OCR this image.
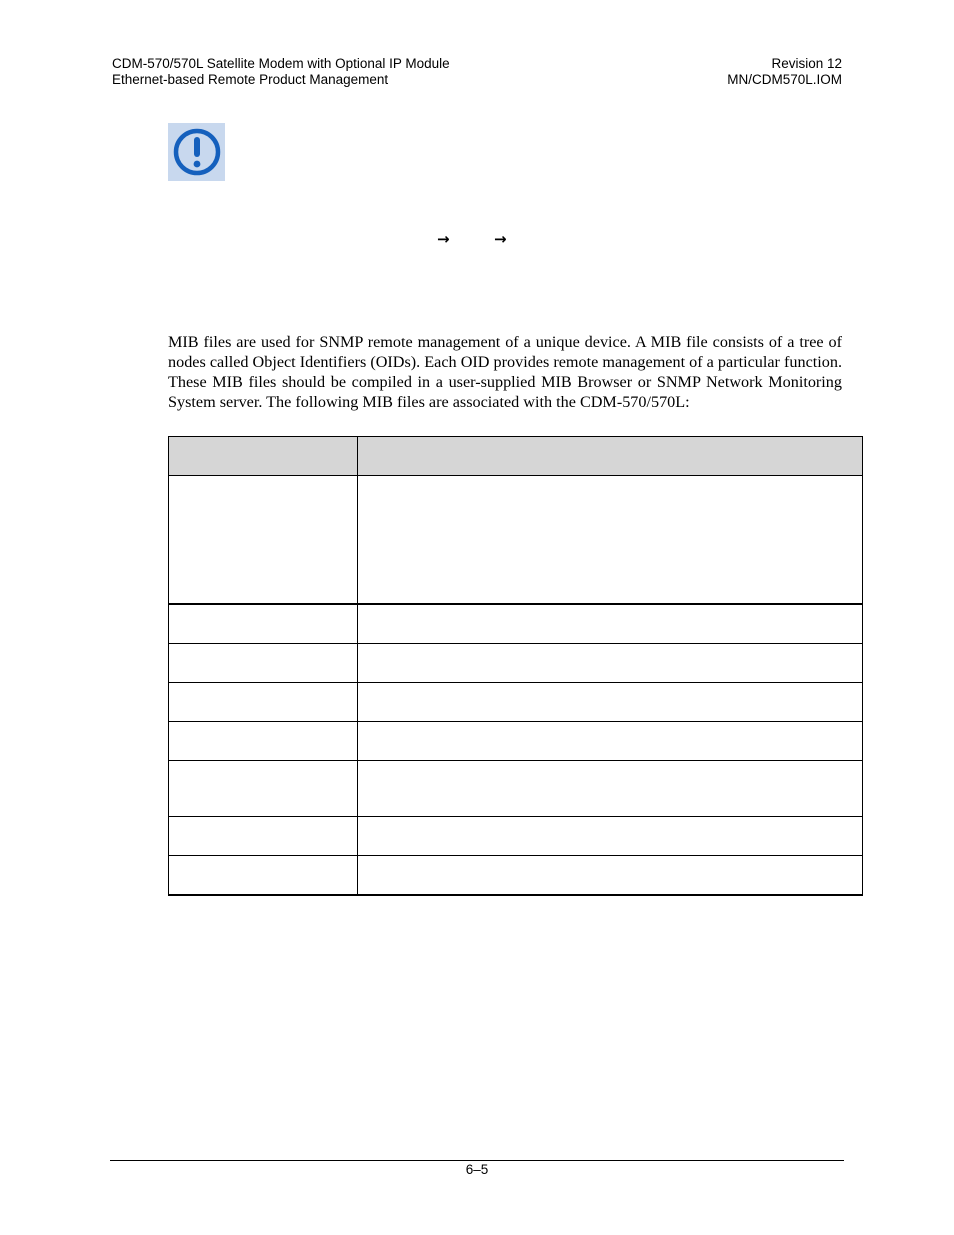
CDM-570/570L Satellite Modem with Optional IP Module
Ethernet-based Remote Product Management
Revision 12
MN/CDM570L.IOM
→	→

MIB files are used for SNMP remote management of a unique device. A MIB file consists of a tree of nodes called Object Identifiers (OIDs). Each OID provides remote management of a particular function. These MIB files should be compiled in a user-supplied MIB Browser or SNMP Network Monitoring System server. The following MIB files are associated with the CDM-570/570L:

6–5
